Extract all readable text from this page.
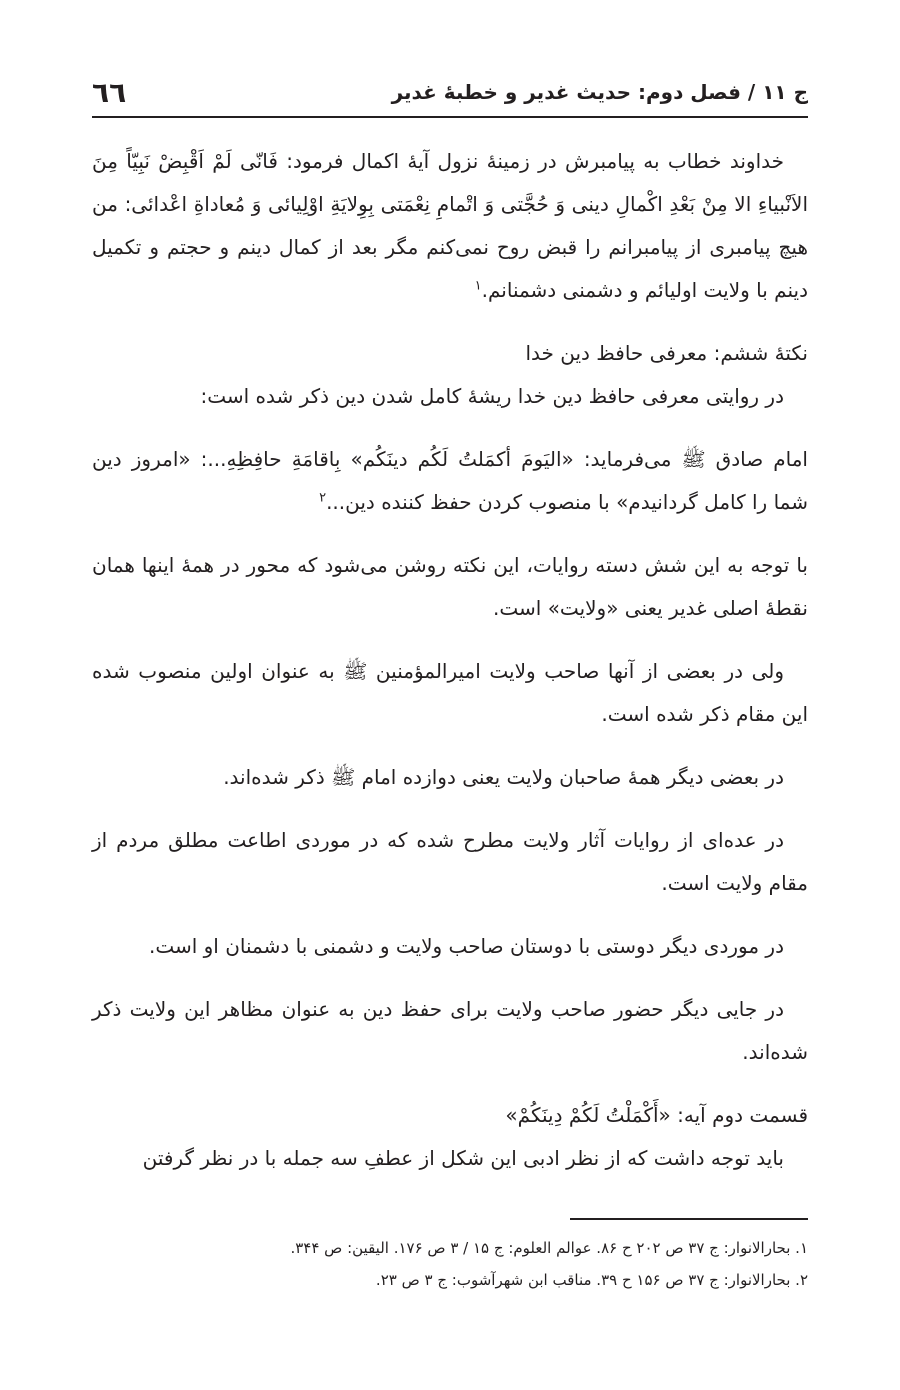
٦٦	ج ۱۱ / فصل دوم: حدیث غدیر و خطبهٔ غدیر

خداوند خطاب به پیامبرش در زمینهٔ نزول آیهٔ اکمال فرمود: فَانّی لَمْ اَقْبِضْ نَبِیّاً مِنَ الاَنْبیاءِ الا مِنْ بَعْدِ اکْمالِ دینی وَ حُجَّتی وَ اتْمامِ نِعْمَتی بِوِلایَةِ اوْلِیائی وَ مُعاداةِ اعْدائی: من هیچ پیامبری از پیامبرانم را قبض روح نمی‌کنم مگر بعد از کمال دینم و حجتم و تکمیل دینم با ولایت اولیائم و دشمنی دشمنانم.$^۱$

نکتهٔ ششم: معرفی حافظ دین خدا

در روایتی معرفی حافظ دین خدا ریشهٔ کامل شدن دین ذکر شده است:

امام صادق ﷺ می‌فرماید: «الیَومَ أکمَلتُ لَکُم دینَکُم» بِاقامَةِ حافِظِهِ...: «امروز دین شما را کامل گردانیدم» با منصوب کردن حفظ کننده دین...$^۲$

با توجه به این شش دسته روایات، این نکته روشن می‌شود که محور در همهٔ اینها همان نقطهٔ اصلی غدیر یعنی «ولایت» است.

ولی در بعضی از آنها صاحب ولایت امیرالمؤمنین ﷺ به عنوان اولین منصوب شده این مقام ذکر شده است.

در بعضی دیگر همهٔ صاحبان ولایت یعنی دوازده امام ﷺ ذکر شده‌اند.

در عده‌ای از روایات آثار ولایت مطرح شده که در موردی اطاعت مطلق مردم از مقام ولایت است.

در موردی دیگر دوستی با دوستان صاحب ولایت و دشمنی با دشمنان او است.

در جایی دیگر حضور صاحب ولایت برای حفظ دین به عنوان مظاهر این ولایت ذکر شده‌اند.

قسمت دوم آیه: «أَکْمَلْتُ لَکُمْ دِینَکُمْ»

باید توجه داشت که از نظر ادبی این شکل از عطفِ سه جمله با در نظر گرفتن

۱. بحارالانوار: ج ۳۷ ص ۲۰۲ ح ۸۶. عوالم العلوم: ج ۱۵ / ۳ ص ۱۷۶. الیقین: ص ۳۴۴.
۲. بحارالانوار: ج ۳۷ ص ۱۵۶ ح ۳۹. مناقب ابن شهرآشوب: ج ۳ ص ۲۳.
